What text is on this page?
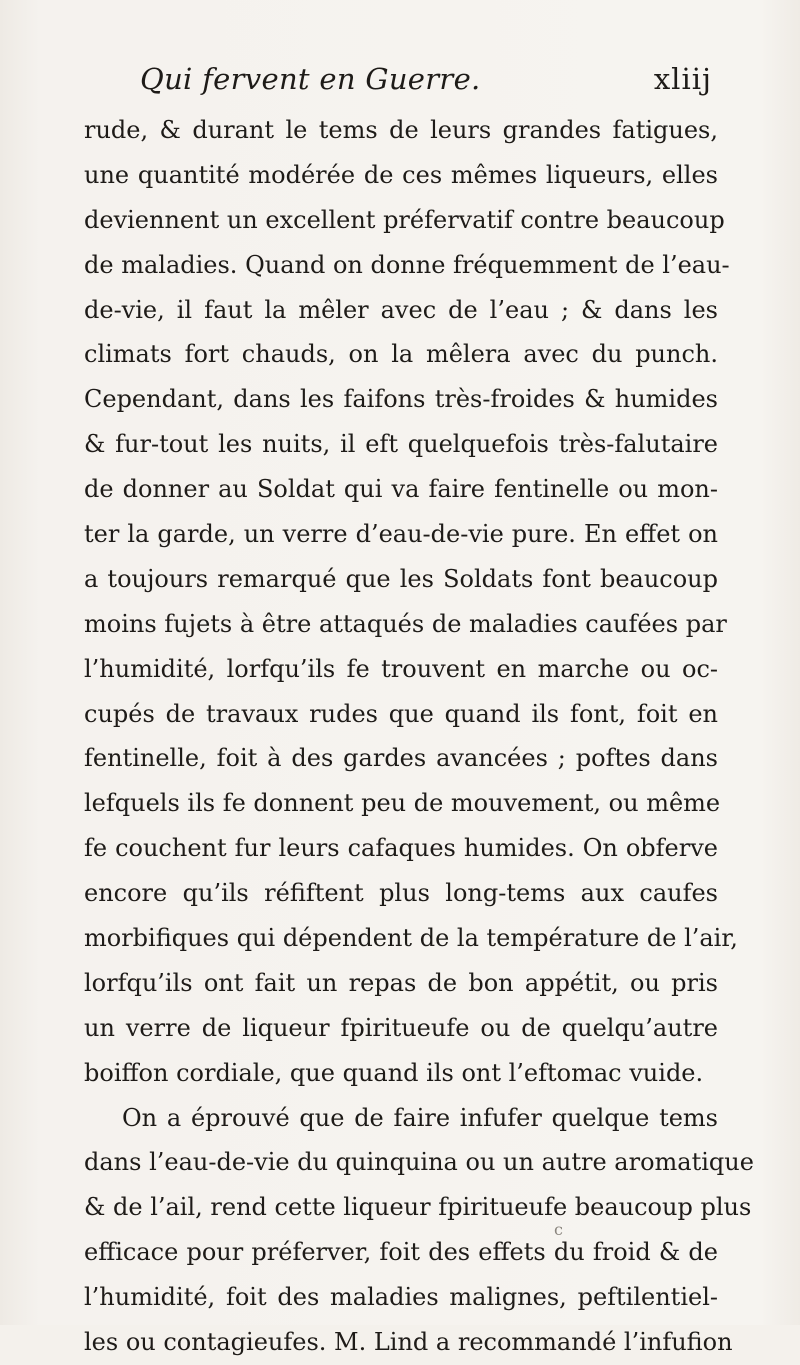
Qui fervent en Guerre.	xliij
rude, & durant le tems de leurs grandes fatigues,
une quantité modérée de ces mêmes liqueurs, elles
deviennent un excellent préfervatif contre beaucoup
de maladies. Quand on donne fréquemment de l’eau-
de-vie, il faut la mêler avec de l’eau ; & dans les
climats fort chauds, on la mêlera avec du punch.
Cependant, dans les faifons très-froides & humides
& fur-tout les nuits, il eft quelquefois très-falutaire
de donner au Soldat qui va faire fentinelle ou mon-
ter la garde, un verre d’eau-de-vie pure. En effet on
a toujours remarqué que les Soldats font beaucoup
moins fujets à être attaqués de maladies caufées par
l’humidité, lorfqu’ils fe trouvent en marche ou oc-
cupés de travaux rudes que quand ils font, foit en
fentinelle, foit à des gardes avancées ; poftes dans
lefquels ils fe donnent peu de mouvement, ou même
fe couchent fur leurs cafaques humides. On obferve
encore qu’ils réfiftent plus long-tems aux caufes
morbifiques qui dépendent de la température de l’air,
lorfqu’ils ont fait un repas de bon appétit, ou pris
un verre de liqueur fpiritueufe ou de quelqu’autre
boiffon cordiale, que quand ils ont l’eftomac vuide.
On a éprouvé que de faire infufer quelque tems
dans l’eau-de-vie du quinquina ou un autre aromatique
& de l’ail, rend cette liqueur fpiritueufe beaucoup plus
efficace pour préferver, foit des effets du froid & de
l’humidité, foit des maladies malignes, peftilentiel-
les ou contagieufes. M. Lind a recommandé l’infufion
c
